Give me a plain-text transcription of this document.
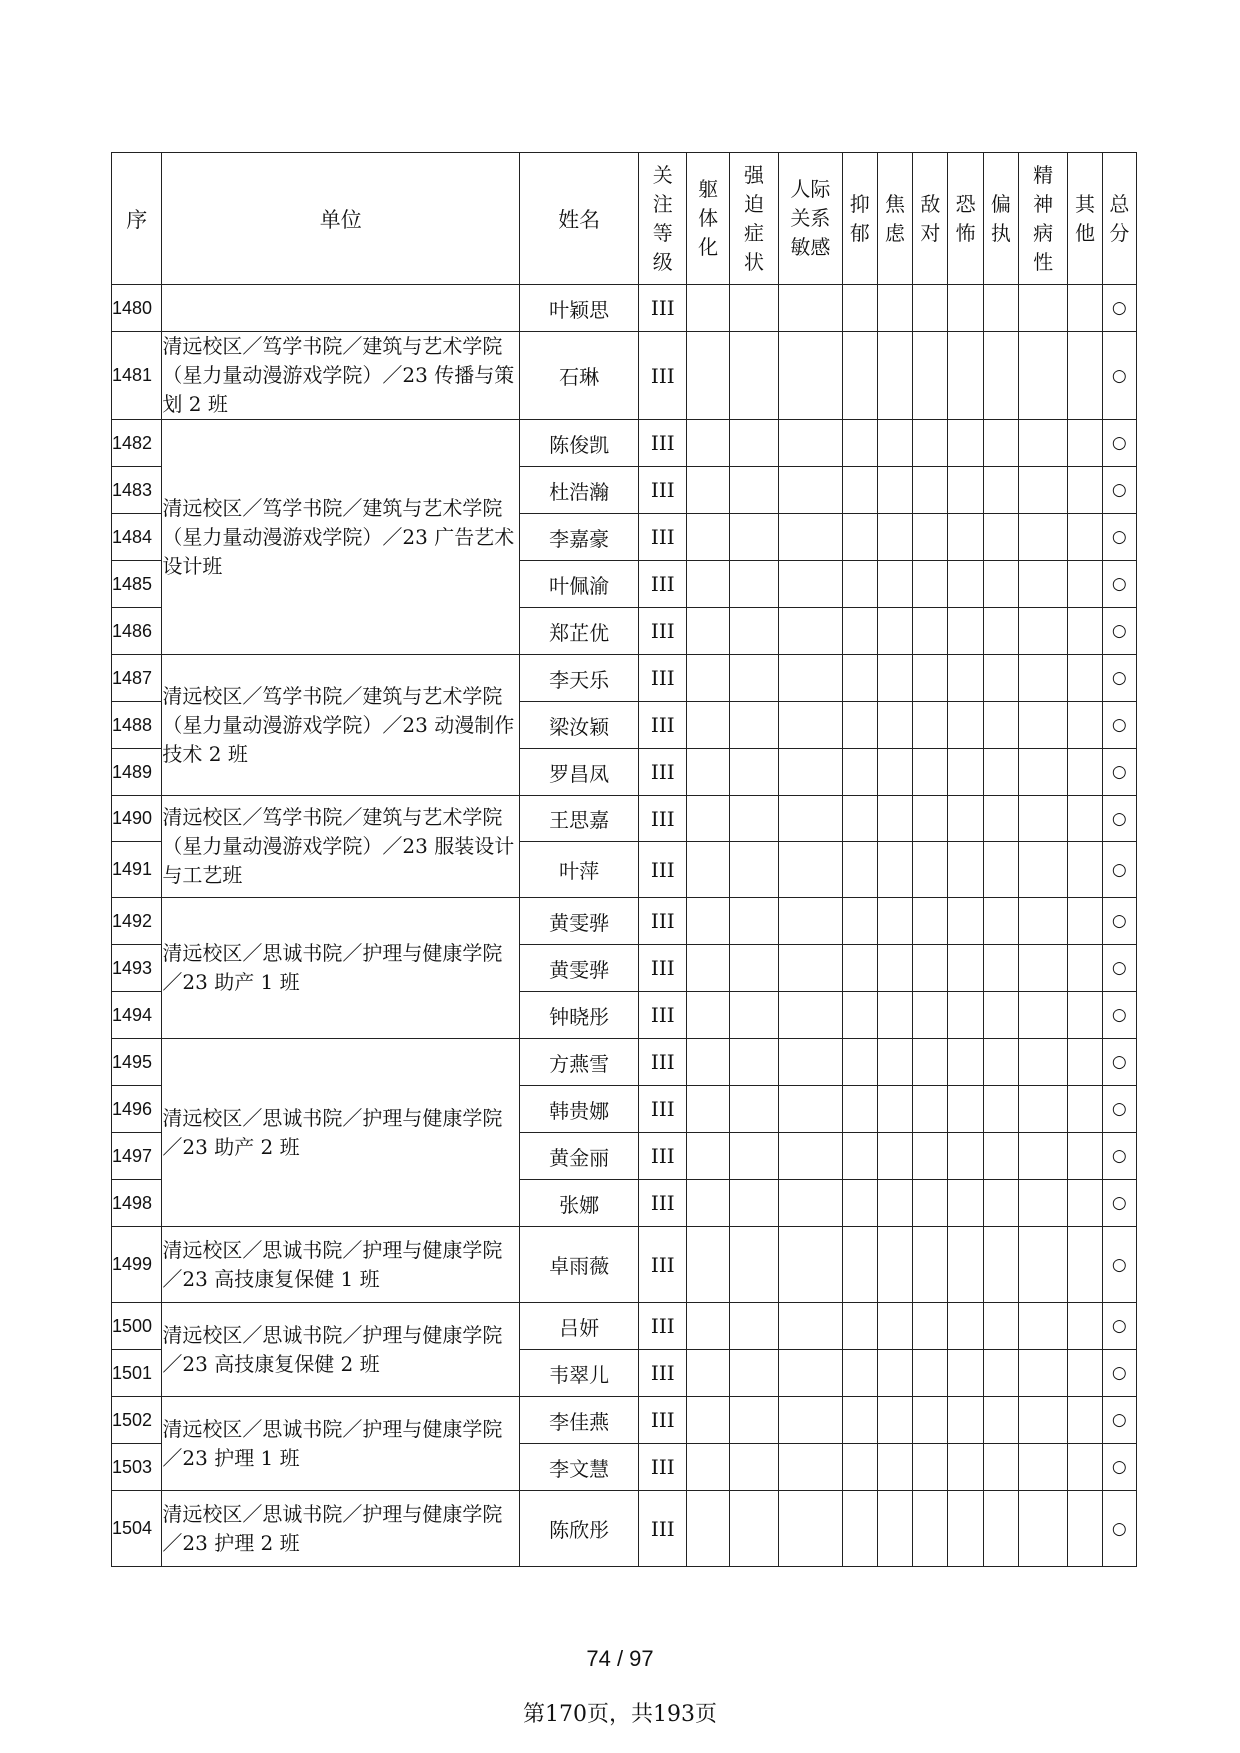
序	单位	姓名	关注等级	躯体化	强迫症状	人际关系敏感	抑郁	焦虑	敌对	恐怖	偏执	精神病性	其他	总分

1480		叶颖思	III											○
1481	清远校区／笃学书院／建筑与艺术学院（星力量动漫游戏学院）／23 传播与策划 2 班	石琳	III											○
1482	清远校区／笃学书院／建筑与艺术学院（星力量动漫游戏学院）／23 广告艺术设计班	陈俊凯	III											○
1483		杜浩瀚	III											○
1484		李嘉豪	III											○
1485		叶佩渝	III											○
1486		郑芷优	III											○
1487	清远校区／笃学书院／建筑与艺术学院（星力量动漫游戏学院）／23 动漫制作技术 2 班	李天乐	III											○
1488		梁汝颖	III											○
1489		罗昌凤	III											○
1490	清远校区／笃学书院／建筑与艺术学院（星力量动漫游戏学院）／23 服装设计与工艺班	王思嘉	III											○
1491		叶萍	III											○
1492	清远校区／思诚书院／护理与健康学院／23 助产 1 班	黄雯骅	III											○
1493		黄雯骅	III											○
1494		钟晓彤	III											○
1495	清远校区／思诚书院／护理与健康学院／23 助产 2 班	方燕雪	III											○
1496		韩贵娜	III											○
1497		黄金丽	III											○
1498		张娜	III											○
1499	清远校区／思诚书院／护理与健康学院／23 高技康复保健 1 班	卓雨薇	III											○
1500	清远校区／思诚书院／护理与健康学院／23 高技康复保健 2 班	吕妍	III											○
1501		韦翠儿	III											○
1502	清远校区／思诚书院／护理与健康学院／23 护理 1 班	李佳燕	III											○
1503		李文慧	III											○
1504	清远校区／思诚书院／护理与健康学院／23 护理 2 班	陈欣彤	III											○
74 / 97
第170页，共193页
